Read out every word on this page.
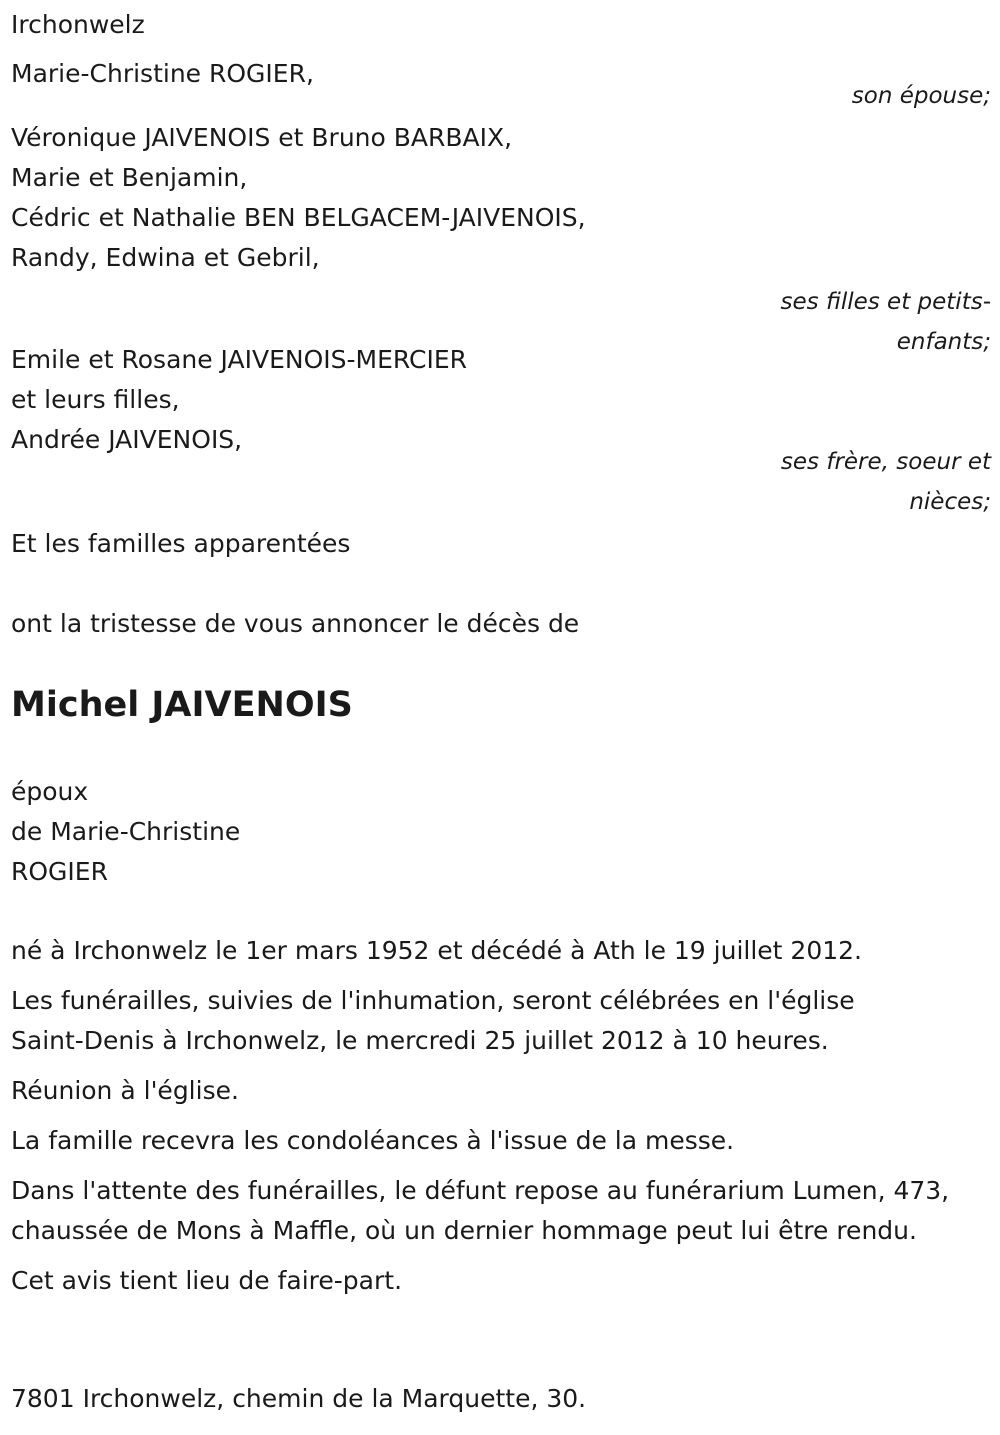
Irchonwelz
Marie-Christine ROGIER,
son épouse;
Véronique JAIVENOIS et Bruno BARBAIX,
Marie et Benjamin,
Cédric et Nathalie BEN BELGACEM-JAIVENOIS,
Randy, Edwina et Gebril,
ses filles et petits-enfants;
Emile et Rosane JAIVENOIS-MERCIER
et leurs filles,
Andrée JAIVENOIS,
ses frère, soeur et nièces;
Et les familles apparentées
ont la tristesse de vous annoncer le décès de
Michel JAIVENOIS
époux
de Marie-Christine
ROGIER

né à Irchonwelz le 1er mars 1952 et décédé à Ath le 19 juillet 2012.

Les funérailles, suivies de l'inhumation, seront célébrées en l'église Saint-Denis à Irchonwelz, le mercredi 25 juillet 2012 à 10 heures.

Réunion à l'église.

La famille recevra les condoléances à l'issue de la messe.

Dans l'attente des funérailles, le défunt repose au funérarium Lumen, 473, chaussée de Mons à Maffle, où un dernier hommage peut lui être rendu.

Cet avis tient lieu de faire-part.

7801 Irchonwelz, chemin de la Marquette, 30.
